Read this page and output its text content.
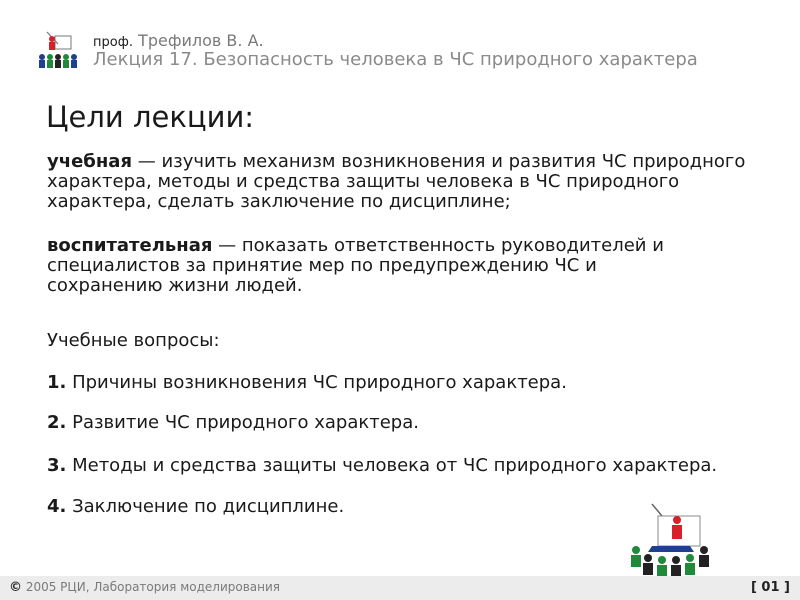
проф. Трефилов В. А.
Лекция 17. Безопасность человека в ЧС природного характера
Цели лекции:

учебная — изучить механизм возникновения и развития ЧС природного характера, методы и средства защиты человека в ЧС природного характера, сделать заключение по дисциплине;

воспитательная — показать ответственность руководителей и специалистов за принятие мер по предупреждению ЧС и сохранению жизни людей.

Учебные вопросы:
1. Причины возникновения ЧС природного характера.
2. Развитие ЧС природного характера.
3. Методы и средства защиты человека от ЧС природного характера.
4. Заключение по дисциплине.
© 2005 РЦИ, Лаборатория моделирования	[ 01 ]
